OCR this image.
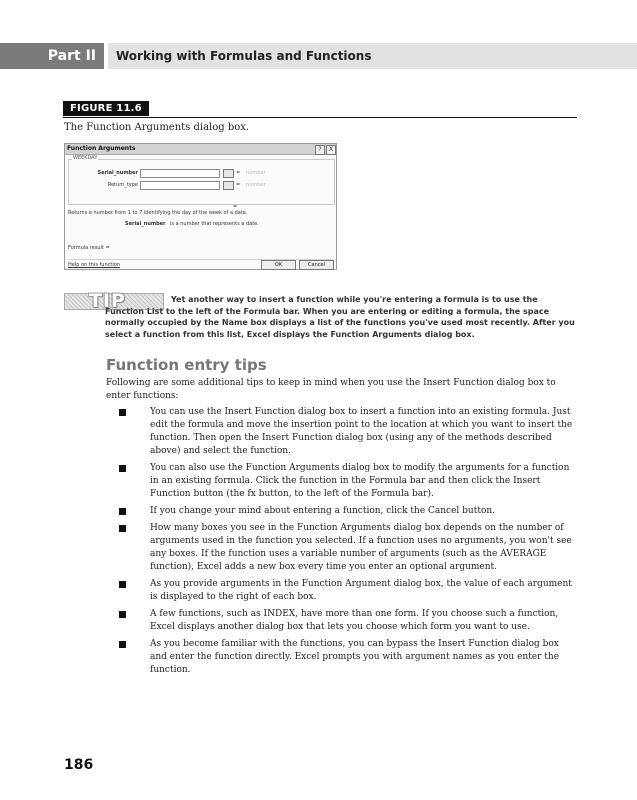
Part II	Working with Formulas and Functions
FIGURE 11.6
The Function Arguments dialog box.
Function Arguments	?	X
WEEKDAY
Serial_number	= number
Return_type	= number
=
Returns a number from 1 to 7 identifying the day of the week of a date.
Serial_number is a number that represents a date.
Formula result =
Help on this function	OK	Cancel
TIP	Yet another way to insert a function while you're entering a formula is to use the Function List to the left of the Formula bar. When you are entering or editing a formula, the space normally occupied by the Name box displays a list of the functions you've used most recently. After you select a function from this list, Excel displays the Function Arguments dialog box.

Function entry tips

Following are some additional tips to keep in mind when you use the Insert Function dialog box to enter functions:

You can use the Insert Function dialog box to insert a function into an existing formula. Just edit the formula and move the insertion point to the location at which you want to insert the function. Then open the Insert Function dialog box (using any of the methods described above) and select the function.
You can also use the Function Arguments dialog box to modify the arguments for a function in an existing formula. Click the function in the Formula bar and then click the Insert Function button (the fx button, to the left of the Formula bar).
If you change your mind about entering a function, click the Cancel button.
How many boxes you see in the Function Arguments dialog box depends on the number of arguments used in the function you selected. If a function uses no arguments, you won't see any boxes. If the function uses a variable number of arguments (such as the AVERAGE function), Excel adds a new box every time you enter an optional argument.
As you provide arguments in the Function Argument dialog box, the value of each argument is displayed to the right of each box.
A few functions, such as INDEX, have more than one form. If you choose such a function, Excel displays another dialog box that lets you choose which form you want to use.
As you become familiar with the functions, you can bypass the Insert Function dialog box and enter the function directly. Excel prompts you with argument names as you enter the function.
186
